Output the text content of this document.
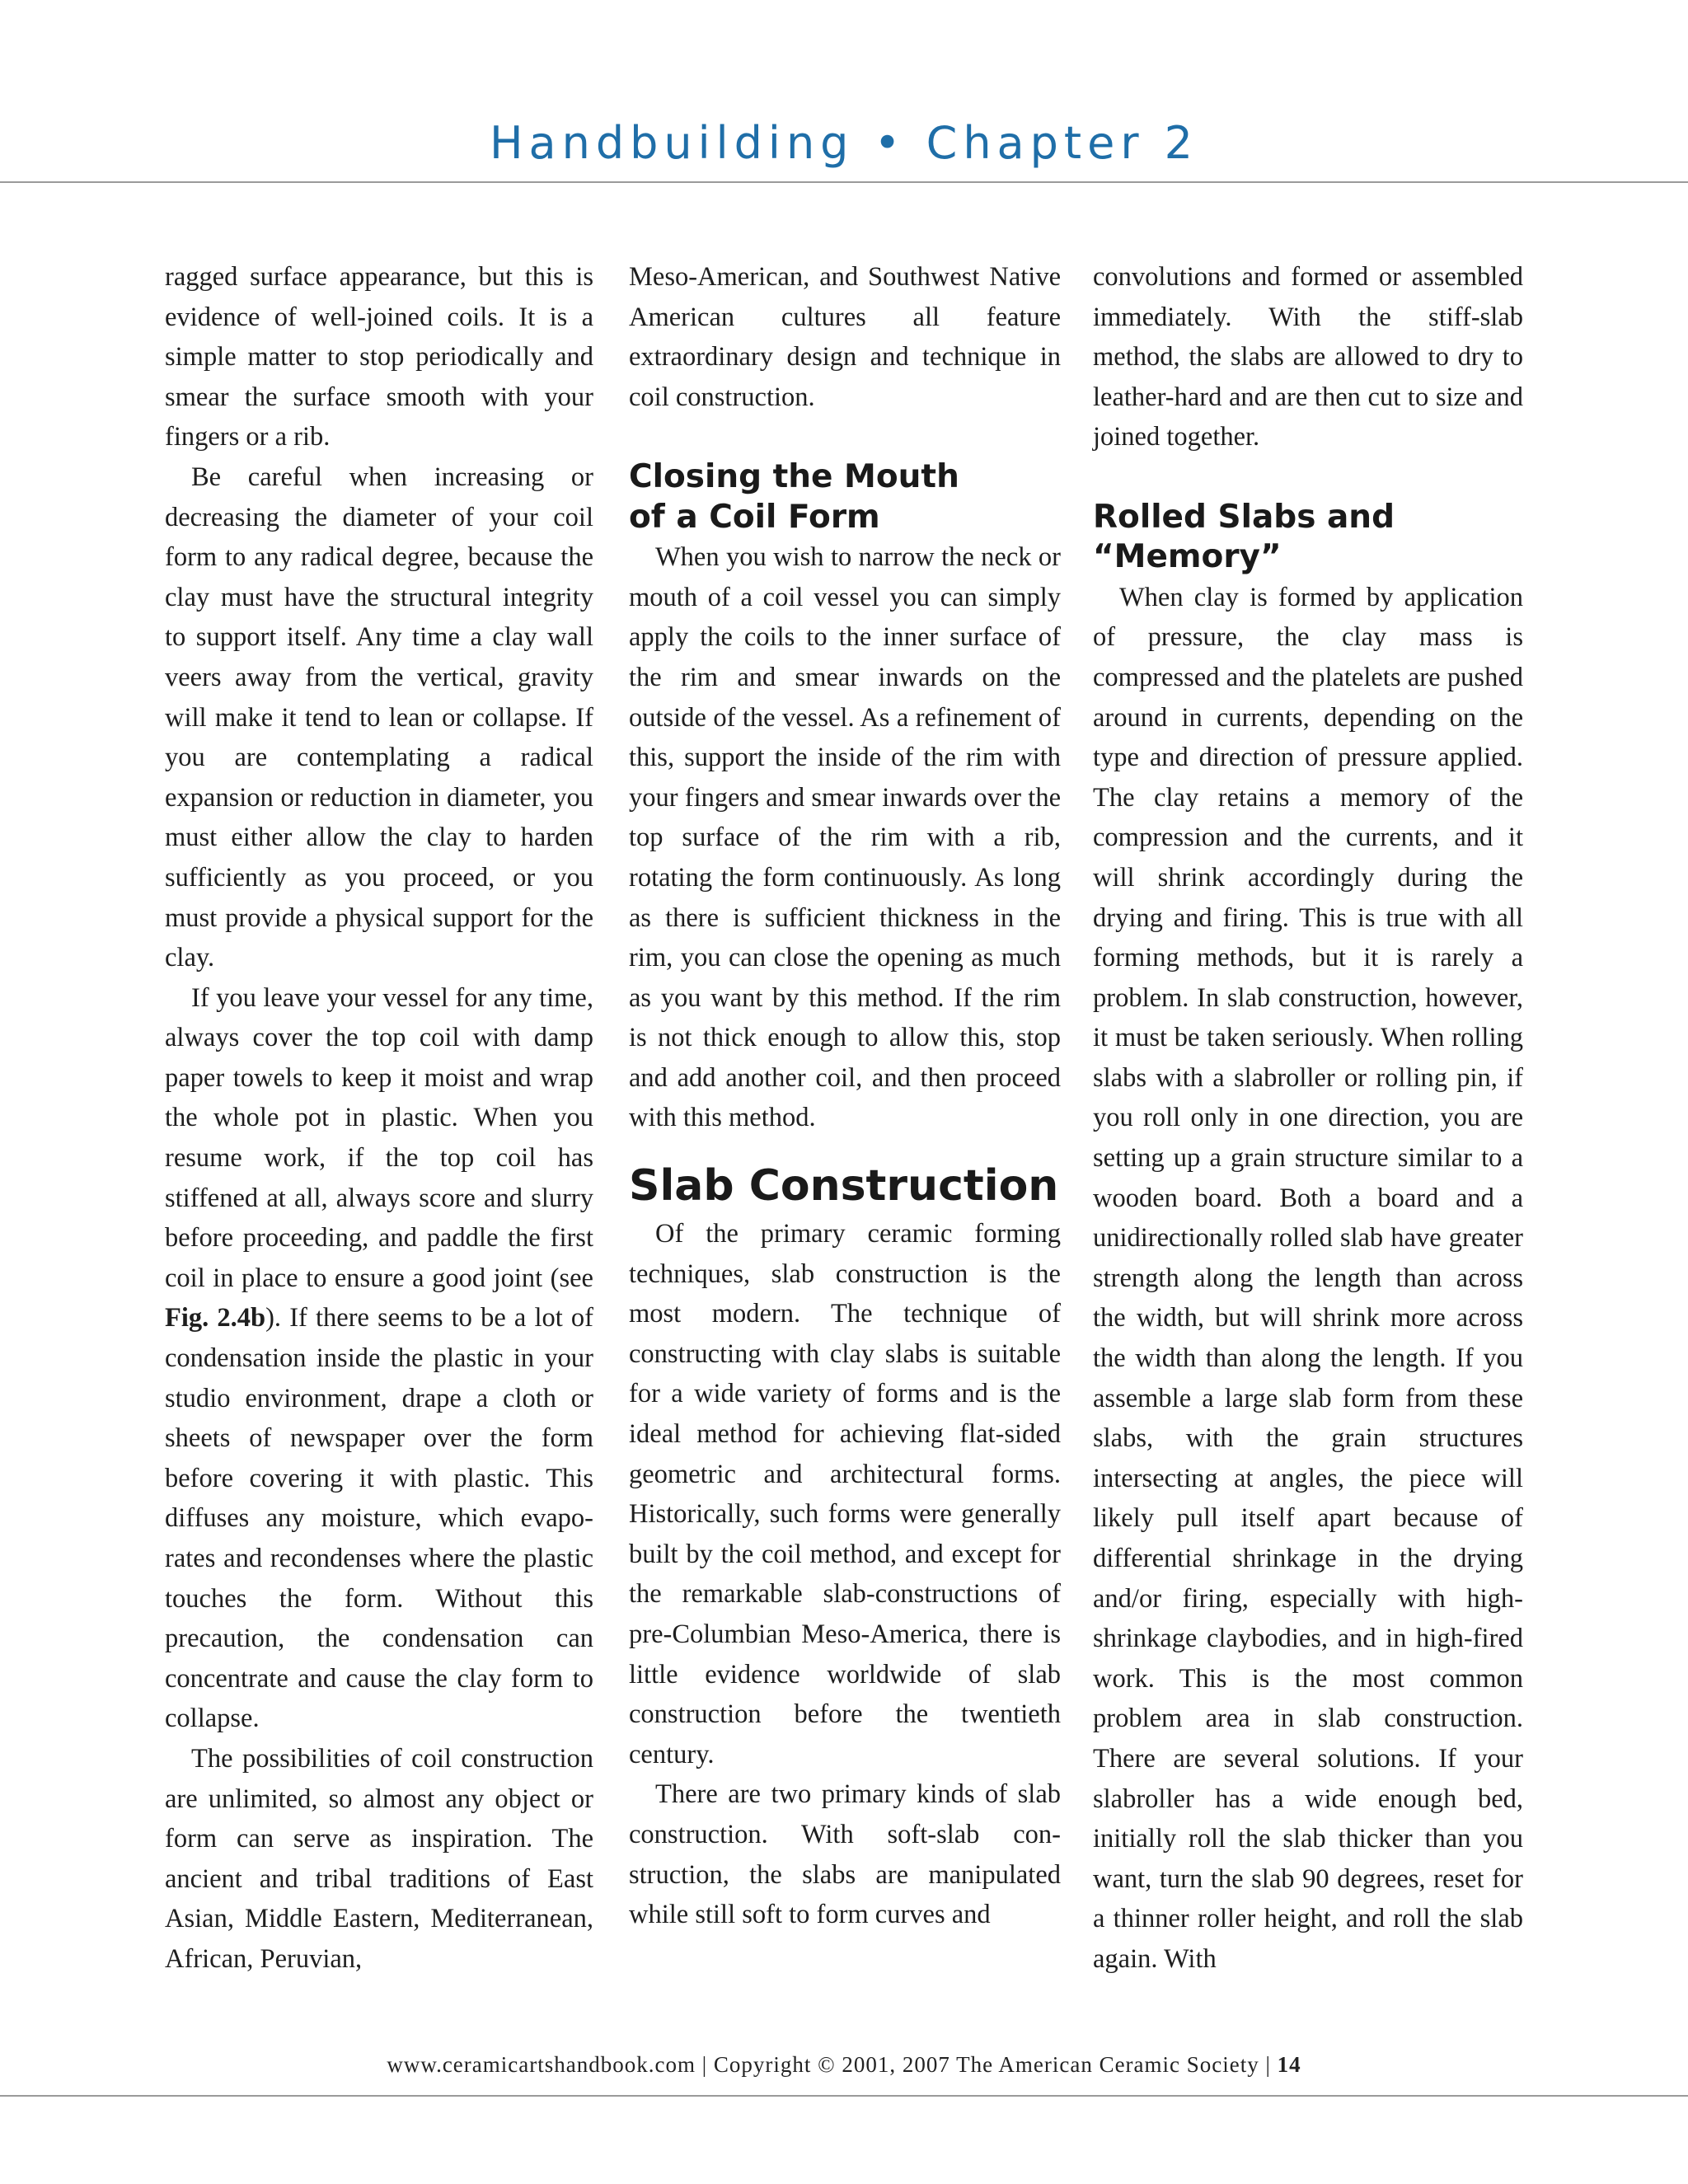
Handbuilding • Chapter 2

ragged surface appearance, but this is evidence of well-joined coils. It is a simple matter to stop periodically and smear the surface smooth with your fingers or a rib.

Be careful when increasing or decreasing the diameter of your coil form to any radical degree, because the clay must have the structural integrity to support itself. Any time a clay wall veers away from the vertical, gravity will make it tend to lean or collapse. If you are contemplating a radical expansion or reduction in diameter, you must either allow the clay to harden sufficiently as you proceed, or you must provide a physical support for the clay.

If you leave your vessel for any time, always cover the top coil with damp paper towels to keep it moist and wrap the whole pot in plastic. When you resume work, if the top coil has stiffened at all, always score and slurry before proceeding, and paddle the first coil in place to ensure a good joint (see Fig. 2.4b). If there seems to be a lot of condensation inside the plastic in your studio environment, drape a cloth or sheets of newspaper over the form before covering it with plastic. This diffuses any moisture, which evaporates and recondenses where the plastic touches the form. Without this precaution, the condensation can concentrate and cause the clay form to collapse.

The possibilities of coil construction are unlimited, so almost any object or form can serve as inspiration. The ancient and tribal traditions of East Asian, Middle Eastern, Mediterranean, African, Peruvian,

Meso-American, and Southwest Native American cultures all feature extraordinary design and technique in coil construction.

Closing the Mouth
of a Coil Form

When you wish to narrow the neck or mouth of a coil vessel you can simply apply the coils to the inner surface of the rim and smear inwards on the outside of the vessel. As a refinement of this, support the inside of the rim with your fingers and smear inwards over the top surface of the rim with a rib, rotating the form continuously. As long as there is sufficient thickness in the rim, you can close the opening as much as you want by this method. If the rim is not thick enough to allow this, stop and add another coil, and then proceed with this method.

Slab Construction

Of the primary ceramic forming techniques, slab construction is the most modern. The technique of constructing with clay slabs is suitable for a wide variety of forms and is the ideal method for achieving flat-sided geometric and architectural forms. Historically, such forms were generally built by the coil method, and except for the remarkable slab-constructions of pre-Columbian Meso-America, there is little evidence worldwide of slab construction before the twentieth century.

There are two primary kinds of slab construction. With soft-slab construction, the slabs are manipulated while still soft to form curves and

convolutions and formed or assembled immediately. With the stiff-slab method, the slabs are allowed to dry to leather-hard and are then cut to size and joined together.

Rolled Slabs and
“Memory”

When clay is formed by application of pressure, the clay mass is compressed and the platelets are pushed around in currents, depending on the type and direction of pressure applied. The clay retains a memory of the compression and the currents, and it will shrink accordingly during the drying and firing. This is true with all forming methods, but it is rarely a problem. In slab construction, however, it must be taken seriously. When rolling slabs with a slabroller or rolling pin, if you roll only in one direction, you are setting up a grain structure similar to a wooden board. Both a board and a unidirectionally rolled slab have greater strength along the length than across the width, but will shrink more across the width than along the length. If you assemble a large slab form from these slabs, with the grain structures intersecting at angles, the piece will likely pull itself apart because of differential shrinkage in the drying and/or firing, especially with high-shrinkage claybodies, and in high-fired work. This is the most common problem area in slab construction. There are several solutions. If your slabroller has a wide enough bed, initially roll the slab thicker than you want, turn the slab 90 degrees, reset for a thinner roller height, and roll the slab again. With

www.ceramicartshandbook.com | Copyright © 2001, 2007 The American Ceramic Society | 14
